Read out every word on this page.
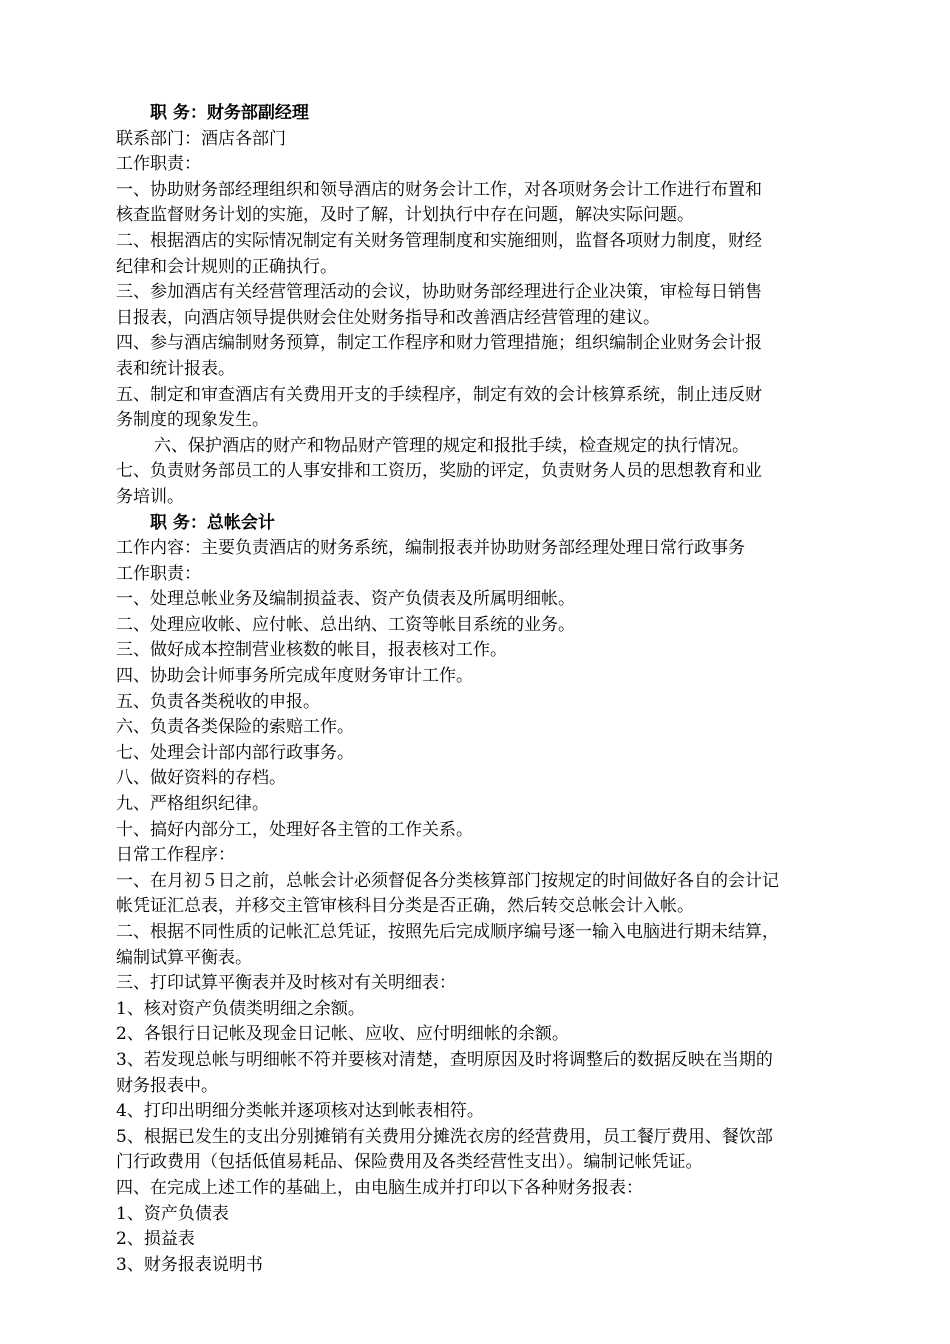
职 务：财务部副经理
联系部门：酒店各部门
工作职责：
一、协助财务部经理组织和领导酒店的财务会计工作，对各项财务会计工作进行布置和
核查监督财务计划的实施，及时了解，计划执行中存在问题，解决实际问题。
二、根据酒店的实际情况制定有关财务管理制度和实施细则，监督各项财力制度，财经
纪律和会计规则的正确执行。
三、参加酒店有关经营管理活动的会议，协助财务部经理进行企业决策，审检每日销售
日报表，向酒店领导提供财会住处财务指导和改善酒店经营管理的建议。
四、参与酒店编制财务预算，制定工作程序和财力管理措施；组织编制企业财务会计报
表和统计报表。
五、制定和审查酒店有关费用开支的手续程序，制定有效的会计核算系统，制止违反财
务制度的现象发生。
六、保护酒店的财产和物品财产管理的规定和报批手续，检查规定的执行情况。
七、负责财务部员工的人事安排和工资历，奖励的评定，负责财务人员的思想教育和业
务培训。
职 务：总帐会计
工作内容：主要负责酒店的财务系统，编制报表并协助财务部经理处理日常行政事务
工作职责：
一、处理总帐业务及编制损益表、资产负债表及所属明细帐。
二、处理应收帐、应付帐、总出纳、工资等帐目系统的业务。
三、做好成本控制营业核数的帐目，报表核对工作。
四、协助会计师事务所完成年度财务审计工作。
五、负责各类税收的申报。
六、负责各类保险的索赔工作。
七、处理会计部内部行政事务。
八、做好资料的存档。
九、严格组织纪律。
十、搞好内部分工，处理好各主管的工作关系。
日常工作程序：
一、在月初５日之前，总帐会计必须督促各分类核算部门按规定的时间做好各自的会计记
帐凭证汇总表，并移交主管审核科目分类是否正确，然后转交总帐会计入帐。
二、根据不同性质的记帐汇总凭证，按照先后完成顺序编号逐一输入电脑进行期未结算，
编制试算平衡表。
三、打印试算平衡表并及时核对有关明细表：
1、核对资产负债类明细之余额。
2、各银行日记帐及现金日记帐、应收、应付明细帐的余额。
3、若发现总帐与明细帐不符并要核对清楚，查明原因及时将调整后的数据反映在当期的
财务报表中。
4、打印出明细分类帐并逐项核对达到帐表相符。
5、根据已发生的支出分别摊销有关费用分摊洗衣房的经营费用，员工餐厅费用、餐饮部
门行政费用（包括低值易耗品、保险费用及各类经营性支出）。编制记帐凭证。
四、在完成上述工作的基础上，由电脑生成并打印以下各种财务报表：
1、资产负债表
2、损益表
3、财务报表说明书
